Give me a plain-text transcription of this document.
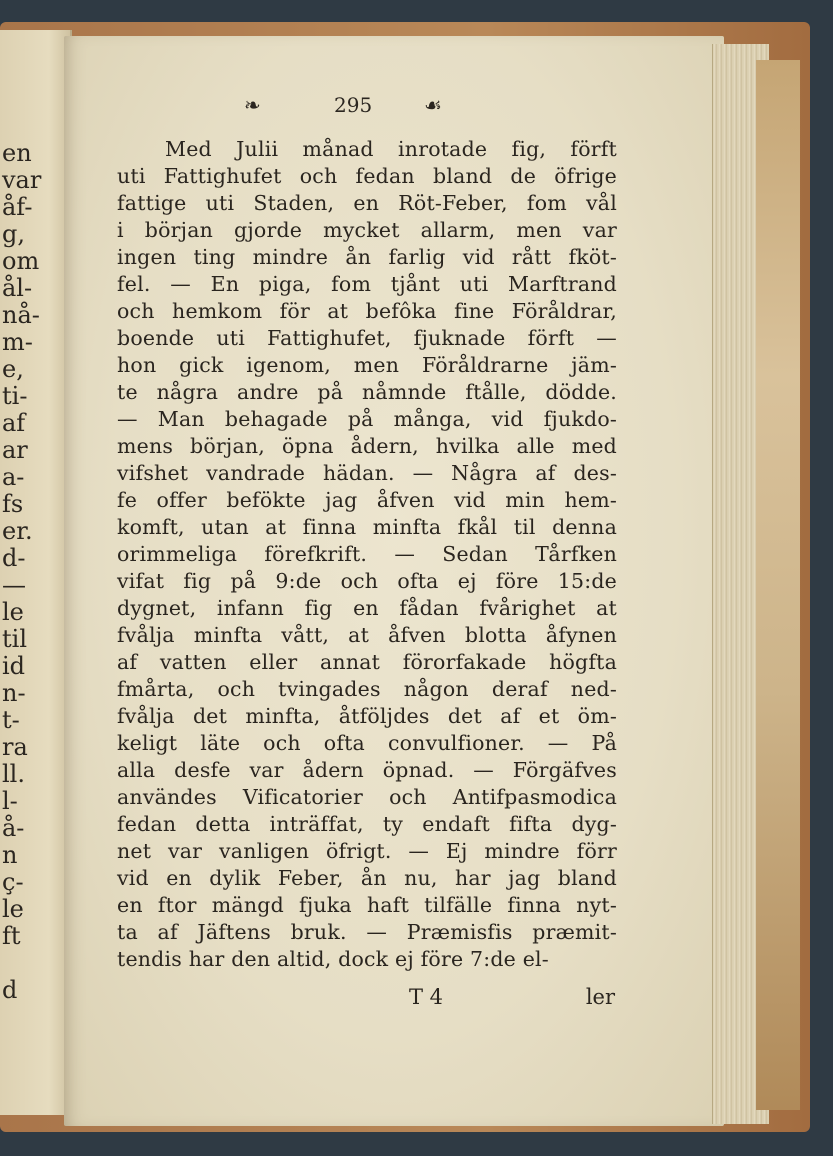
en
var
åf-
g,
om
ål-
nå-
m-
e,
ti-
af
ar
a-
fs
er.
d-
—
le
til
id
n-
t-
ra
ll.
l-
å-
n
ç-
le
ft
d
❧	295	☙
Med Julii månad inrotade fig, förft
uti Fattighufet och fedan bland de öfrige
fattige uti Staden, en Röt-Feber, fom vål
i början gjorde mycket allarm, men var
ingen ting mindre ån farlig vid rått fköt-
fel. — En piga, fom tjånt uti Marftrand
och hemkom för at befôka fine Föråldrar,
boende uti Fattighufet, fjuknade förft —
hon gick igenom, men Föråldrarne jäm-
te några andre på nåmnde ftålle, dödde.
— Man behagade på många, vid fjukdo-
mens början, öpna ådern, hvilka alle med
vifshet vandrade hädan. — Några af des-
fe offer befökte jag åfven vid min hem-
komft, utan at finna minfta fkål til denna
orimmeliga förefkrift. — Sedan Tårfken
vifat fig på 9:de och ofta ej före 15:de
dygnet, infann fig en fådan fvårighet at
fvålja minfta vått, at åfven blotta åfynen
af vatten eller annat förorfakade högfta
fmårta, och tvingades någon deraf ned-
fvålja det minfta, åtföljdes det af et öm-
keligt läte och ofta convulfioner. — På
alla desfe var ådern öpnad. — Förgäfves
användes Vificatorier och Antifpasmodica
fedan detta inträffat, ty endaft fifta dyg-
net var vanligen öfrigt. — Ej mindre förr
vid en dylik Feber, ån nu, har jag bland
en ftor mängd fjuka haft tilfälle finna nyt-
ta af Jäftens bruk. — Præmisfis præmit-
tendis har den altid, dock ej före 7:de el-
T 4	ler
